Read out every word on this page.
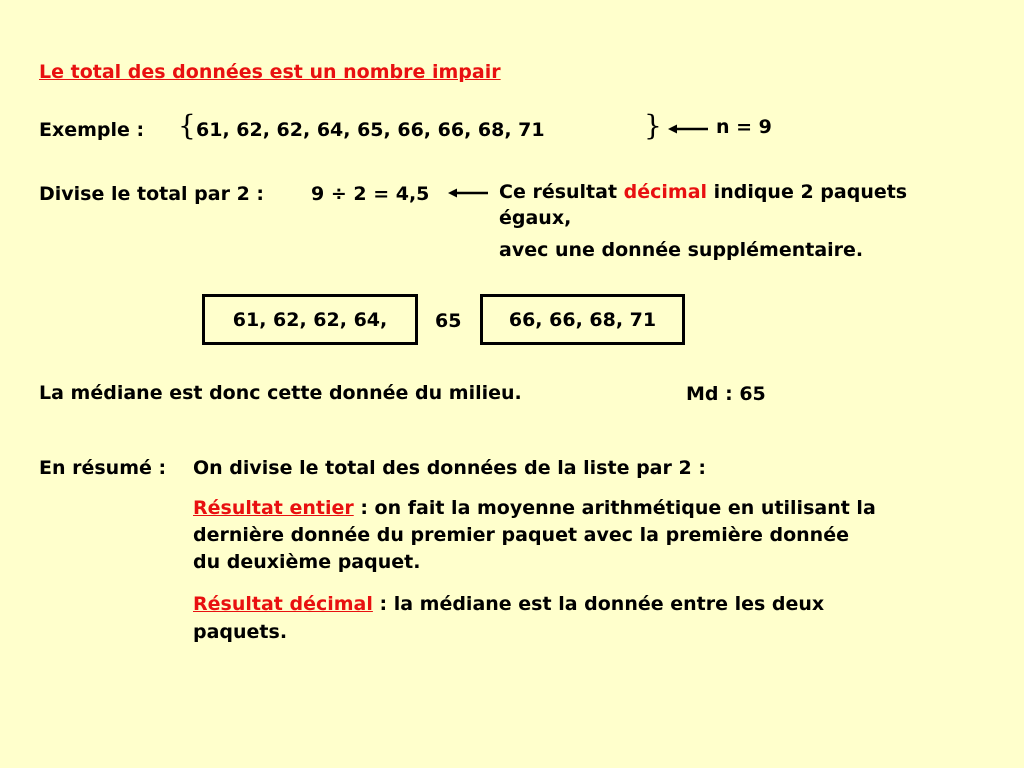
Le total des données est un nombre impair
Exemple : { 61, 62, 62, 64, 65, 66, 66, 68, 71	}	n = 9
Divise le total par 2 : 9 ÷ 2 = 4,5	Ce résultat décimal indique 2 paquets
égaux,
avec une donnée supplémentaire.
61, 62, 62, 64,	65 66, 66, 68, 71
La médiane est donc cette donnée du milieu.	Md : 65
En résumé : On divise le total des données de la liste par 2 :
Résultat entier : on fait la moyenne arithmétique en utilisant la
dernière donnée du premier paquet avec la première donnée
du deuxième paquet.
Résultat décimal : la médiane est la donnée entre les deux
paquets.
